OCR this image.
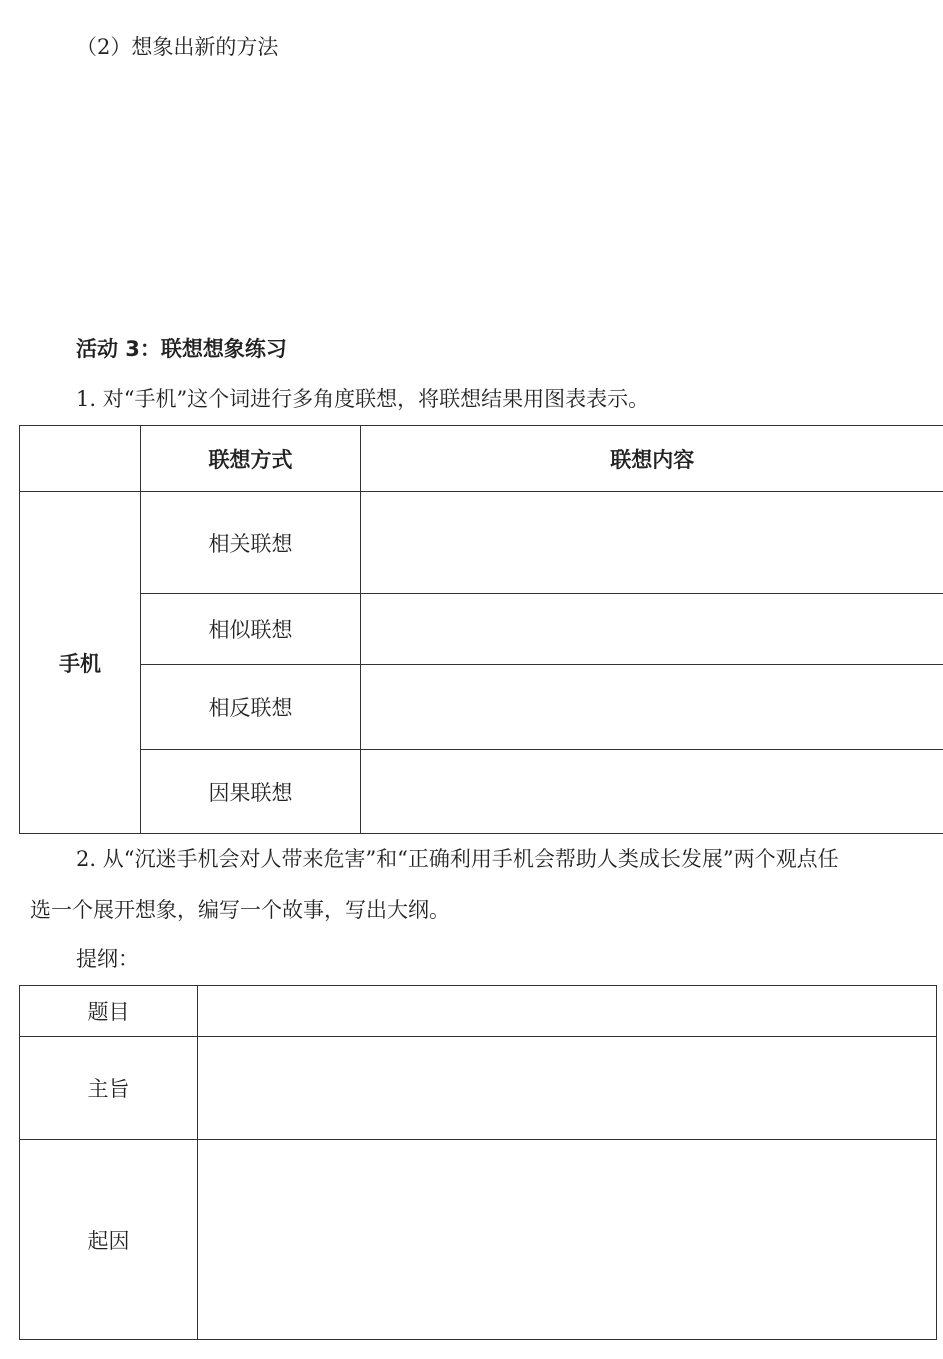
（2）想象出新的方法
活动 3：联想想象练习
1. 对“手机”这个词进行多角度联想，将联想结果用图表表示。
	联想方式	联想内容
手机	相关联想	
	相似联想	
	相反联想	
	因果联想	
2. 从“沉迷手机会对人带来危害”和“正确利用手机会帮助人类成长发展”两个观点任
选一个展开想象，编写一个故事，写出大纲。
提纲：
题目	
主旨	
起因	
